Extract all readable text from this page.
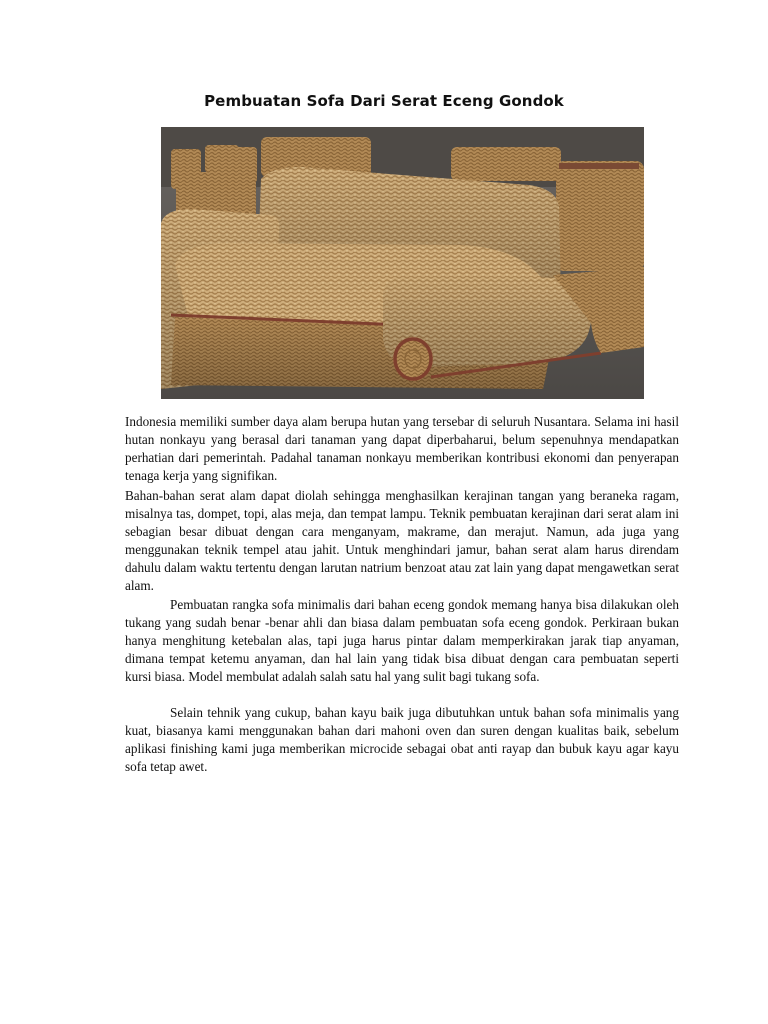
Pembuatan Sofa Dari Serat Eceng Gondok

Indonesia memiliki sumber daya alam berupa hutan yang tersebar di seluruh Nusantara. Selama ini hasil hutan nonkayu yang berasal dari tanaman yang dapat diperbaharui, belum sepenuhnya mendapatkan perhatian dari pemerintah. Padahal tanaman nonkayu memberikan kontribusi ekonomi dan penyerapan tenaga kerja yang signifikan.

Bahan-bahan serat alam dapat diolah sehingga menghasilkan kerajinan tangan yang beraneka ragam, misalnya tas, dompet, topi, alas meja, dan tempat lampu. Teknik pembuatan kerajinan dari serat alam ini sebagian besar dibuat dengan cara menganyam, makrame, dan merajut. Namun, ada juga yang menggunakan teknik tempel atau jahit. Untuk menghindari jamur, bahan serat alam harus direndam dahulu dalam waktu tertentu dengan larutan natrium benzoat atau zat lain yang dapat mengawetkan serat alam.

Pembuatan rangka sofa minimalis dari bahan eceng gondok memang hanya bisa dilakukan oleh tukang yang sudah benar -benar ahli dan biasa dalam pembuatan sofa eceng gondok. Perkiraan bukan hanya menghitung ketebalan alas, tapi juga harus pintar dalam memperkirakan jarak tiap anyaman, dimana tempat ketemu anyaman, dan hal lain yang tidak bisa dibuat dengan cara pembuatan seperti kursi biasa. Model membulat adalah salah satu hal yang sulit bagi tukang sofa.

Selain tehnik yang cukup, bahan kayu baik juga dibutuhkan untuk bahan sofa minimalis yang kuat, biasanya kami menggunakan bahan dari mahoni oven dan suren dengan kualitas baik, sebelum aplikasi finishing kami juga memberikan microcide sebagai obat anti rayap dan bubuk kayu agar kayu sofa tetap awet.
